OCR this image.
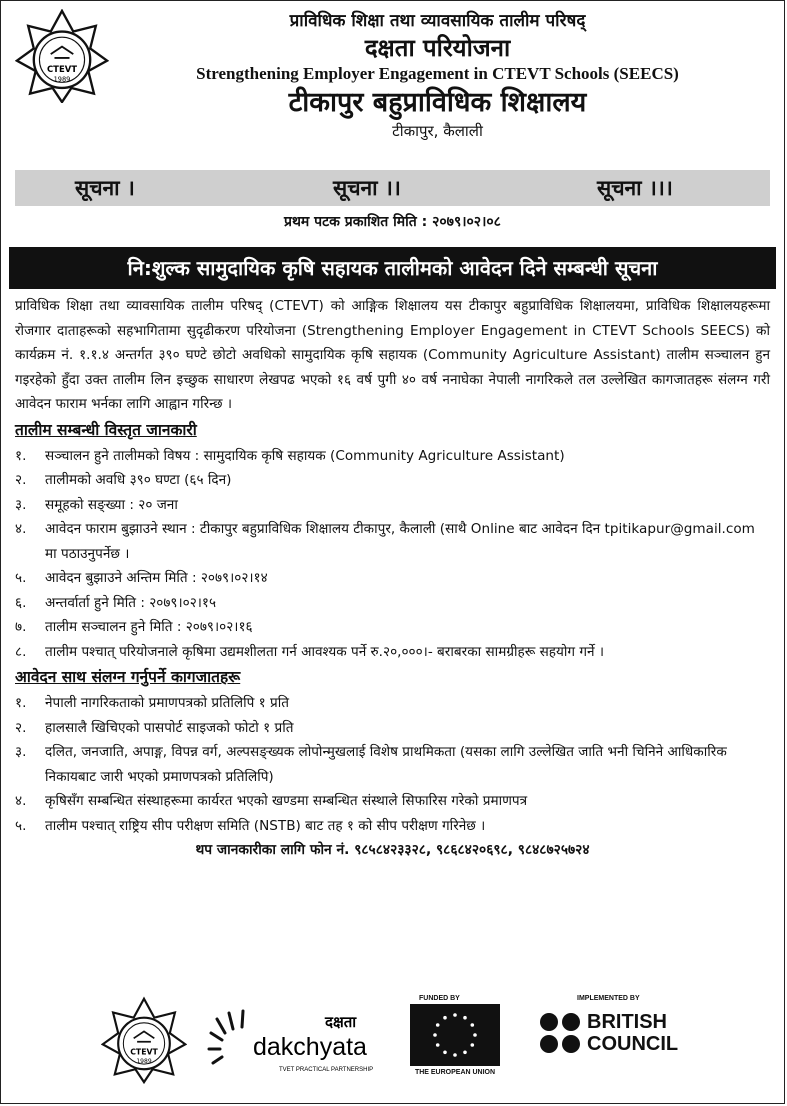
CTEVT
1989
प्राविधिक शिक्षा तथा व्यावसायिक तालीम परिषद्
दक्षता परियोजना
Strengthening Employer Engagement in CTEVT Schools (SEECS)
टीकापुर बहुप्राविधिक शिक्षालय
टीकापुर, कैलाली
सूचना ।	सूचना ।।	सूचना ।।।
प्रथम पटक प्रकाशित मिति : २०७९।०२।०८
नि:शुल्क सामुदायिक कृषि सहायक तालीमको आवेदन दिने सम्बन्धी सूचना
प्राविधिक शिक्षा तथा व्यावसायिक तालीम परिषद् (CTEVT) को आङ्गिक शिक्षालय यस टीकापुर बहुप्राविधिक शिक्षालयमा, प्राविधिक शिक्षालयहरूमा रोजगार दाताहरूको सहभागितामा सुदृढीकरण परियोजना (Strengthening Employer Engagement in CTEVT Schools SEECS) को कार्यक्रम नं. १.१.४ अन्तर्गत ३९० घण्टे छोटो अवधिको सामुदायिक कृषि सहायक (Community Agriculture Assistant) तालीम सञ्चालन हुन गइरहेको हुँदा उक्त तालीम लिन इच्छुक साधारण लेखपढ भएको १६ वर्ष पुगी ४० वर्ष ननाघेका नेपाली नागरिकले तल उल्लेखित कागजातहरू संलग्न गरी आवेदन फाराम भर्नका लागि आह्वान गरिन्छ ।
तालीम सम्बन्धी विस्तृत जानकारी
१. सञ्चालन हुने तालीमको विषय : सामुदायिक कृषि सहायक (Community Agriculture Assistant)
२. तालीमको अवधि ३९० घण्टा (६५ दिन)
३. समूहको सङ्ख्या : २० जना
४. आवेदन फाराम बुझाउने स्थान : टीकापुर बहुप्राविधिक शिक्षालय टीकापुर, कैलाली (साथै Online बाट आवेदन दिन tpitikapur@gmail.com मा पठाउनुपर्नेछ ।
५. आवेदन बुझाउने अन्तिम मिति : २०७९।०२।१४
६. अन्तर्वार्ता हुने मिति : २०७९।०२।१५
७. तालीम सञ्चालन हुने मिति : २०७९।०२।१६
८. तालीम पश्चात् परियोजनाले कृषिमा उद्यमशीलता गर्न आवश्यक पर्ने रु.२०,०००।- बराबरका सामग्रीहरू सहयोग गर्ने ।
आवेदन साथ संलग्न गर्नुपर्ने कागजातहरू
१. नेपाली नागरिकताको प्रमाणपत्रको प्रतिलिपि १ प्रति
२. हालसालै खिचिएको पासपोर्ट साइजको फोटो १ प्रति
३. दलित, जनजाति, अपाङ्ग, विपन्न वर्ग, अल्पसङ्ख्यक लोपोन्मुखलाई विशेष प्राथमिकता (यसका लागि उल्लेखित जाति भनी चिनिने आधिकारिक निकायबाट जारी भएको प्रमाणपत्रको प्रतिलिपि)
४. कृषिसँग सम्बन्धित संस्थाहरूमा कार्यरत भएको खण्डमा सम्बन्धित संस्थाले सिफारिस गरेको प्रमाणपत्र
५. तालीम पश्चात् राष्ट्रिय सीप परीक्षण समिति (NSTB) बाट तह १ को सीप परीक्षण गरिनेछ ।
थप जानकारीका लागि फोन नं. ९८५८४२३३२८, ९८६८४२०६९८, ९८४८७२५७२४
CTEVT
1989
दक्षता
dakchyata
TVET PRACTICAL PARTNERSHIP
FUNDED BY
THE EUROPEAN UNION
IMPLEMENTED BY
BRITISH
COUNCIL
